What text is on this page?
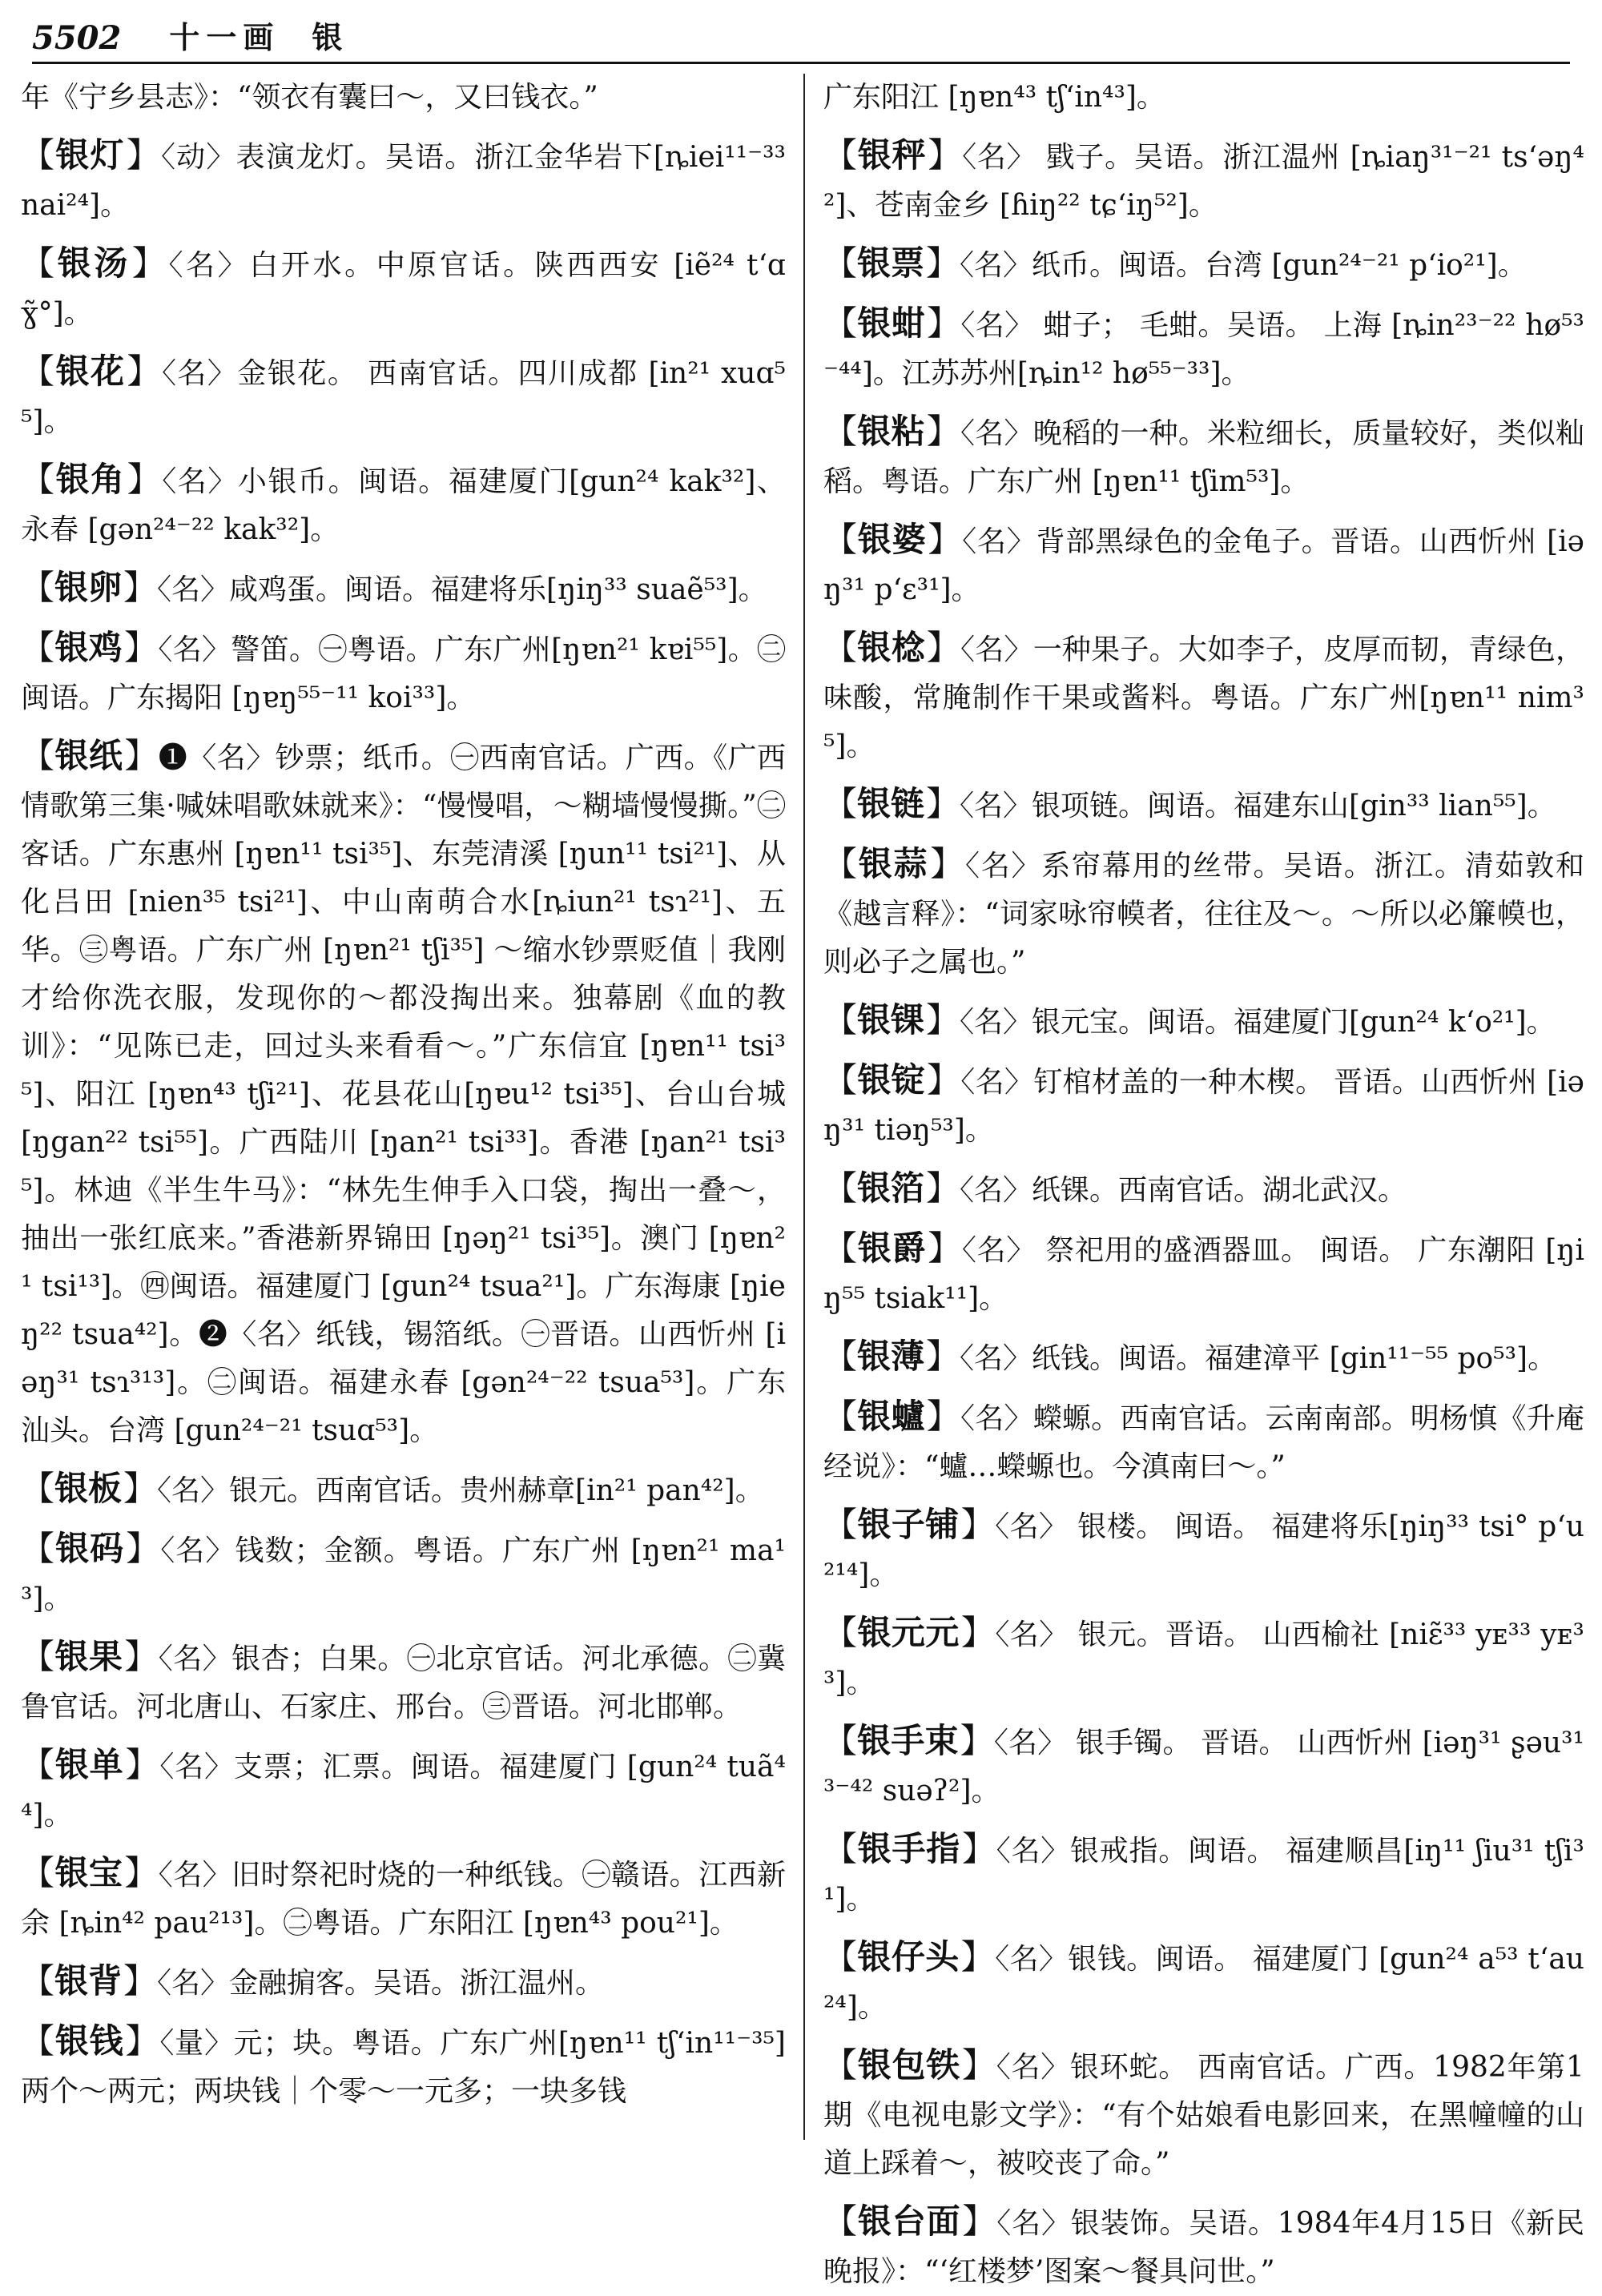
5502 十一画 银
年《宁乡县志》：“领衣有囊曰～，又曰钱衣。”
【银灯】〈动〉表演龙灯。吴语。浙江金华岩下[ȵiei¹¹⁻³³ nai²⁴]。
【银汤】〈名〉白开水。中原官话。陕西西安 [iẽ²⁴ t‘ɑɣ̃°]。
【银花】〈名〉金银花。 西南官话。四川成都 [in²¹ xuɑ⁵⁵]。
【银角】〈名〉小银币。闽语。福建厦门[gun²⁴ kak³²]、永春 [gən²⁴⁻²² kak³²]。
【银卵】〈名〉咸鸡蛋。闽语。福建将乐[ŋiŋ³³ suaẽ⁵³]。
【银鸡】〈名〉警笛。㊀粤语。广东广州[ŋɐn²¹ kɐi⁵⁵]。㊁闽语。广东揭阳 [ŋɐŋ⁵⁵⁻¹¹ koi³³]。
【银纸】❶〈名〉钞票；纸币。㊀西南官话。广西。《广西情歌第三集·喊妹唱歌妹就来》：“慢慢唱，～糊墙慢慢撕。”㊁客话。广东惠州 [ŋɐn¹¹ tsi³⁵]、东莞清溪 [ŋun¹¹ tsi²¹]、从化吕田 [nien³⁵ tsi²¹]、中山南萌合水[ȵiun²¹ tsɿ²¹]、五华。㊂粤语。广东广州 [ŋɐn²¹ tʃi³⁵] ～缩水钞票贬值｜我刚才给你洗衣服，发现你的～都没掏出来。独幕剧《血的教训》：“见陈已走，回过头来看看～。”广东信宜 [ŋɐn¹¹ tsi³⁵]、阳江 [ŋɐn⁴³ tʃi²¹]、花县花山[ŋɐu¹² tsi³⁵]、台山台城 [ŋgan²² tsi⁵⁵]。广西陆川 [ŋan²¹ tsi³³]。香港 [ŋan²¹ tsi³⁵]。林迪《半生牛马》：“林先生伸手入口袋，掏出一叠～，抽出一张红底来。”香港新界锦田 [ŋəŋ²¹ tsi³⁵]。澳门 [ŋɐn²¹ tsi¹³]。㊃闽语。福建厦门 [gun²⁴ tsua²¹]。广东海康 [ŋieŋ²² tsua⁴²]。❷〈名〉纸钱，锡箔纸。㊀晋语。山西忻州 [iəŋ³¹ tsɿ³¹³]。㊁闽语。福建永春 [gən²⁴⁻²² tsua⁵³]。广东汕头。台湾 [gun²⁴⁻²¹ tsuɑ⁵³]。
【银板】〈名〉银元。西南官话。贵州赫章[in²¹ pan⁴²]。
【银码】〈名〉钱数；金额。粤语。广东广州 [ŋɐn²¹ ma¹³]。
【银果】〈名〉银杏；白果。㊀北京官话。河北承德。㊁冀鲁官话。河北唐山、石家庄、邢台。㊂晋语。河北邯郸。
【银单】〈名〉支票；汇票。闽语。福建厦门 [gun²⁴ tuã⁴⁴]。
【银宝】〈名〉旧时祭祀时烧的一种纸钱。㊀赣语。江西新余 [ȵin⁴² pau²¹³]。㊁粤语。广东阳江 [ŋɐn⁴³ pou²¹]。
【银背】〈名〉金融掮客。吴语。浙江温州。
【银钱】〈量〉元；块。粤语。广东广州[ŋɐn¹¹ tʃ‘in¹¹⁻³⁵] 两个～两元；两块钱｜个零～一元多；一块多钱
广东阳江 [ŋɐn⁴³ tʃ‘in⁴³]。
【银秤】〈名〉 戥子。吴语。浙江温州 [ȵiaŋ³¹⁻²¹ ts‘əŋ⁴²]、苍南金乡 [ɦiŋ²² tɕ‘iŋ⁵²]。
【银票】〈名〉纸币。闽语。台湾 [gun²⁴⁻²¹ p‘io²¹]。
【银蚶】〈名〉 蚶子； 毛蚶。吴语。 上海 [ȵin²³⁻²² hø⁵³⁻⁴⁴]。江苏苏州[ȵin¹² hø⁵⁵⁻³³]。
【银粘】〈名〉晚稻的一种。米粒细长，质量较好，类似籼稻。粤语。广东广州 [ŋɐn¹¹ tʃim⁵³]。
【银婆】〈名〉背部黑绿色的金龟子。晋语。山西忻州 [iəŋ³¹ p‘ɛ³¹]。
【银棯】〈名〉一种果子。大如李子，皮厚而韧，青绿色，味酸，常腌制作干果或酱料。粤语。广东广州[ŋɐn¹¹ nim³⁵]。
【银链】〈名〉银项链。闽语。福建东山[gin³³ lian⁵⁵]。
【银蒜】〈名〉系帘幕用的丝带。吴语。浙江。清茹敦和《越言释》：“词家咏帘幙者，往往及～。～所以必簾幙也，则必子之属也。”
【银锞】〈名〉银元宝。闽语。福建厦门[gun²⁴ k‘o²¹]。
【银锭】〈名〉钉棺材盖的一种木楔。 晋语。山西忻州 [iəŋ³¹ tiəŋ⁵³]。
【银箔】〈名〉纸锞。西南官话。湖北武汉。
【银爵】〈名〉 祭祀用的盛酒器皿。 闽语。 广东潮阳 [ŋiŋ⁵⁵ tsiak¹¹]。
【银薄】〈名〉纸钱。闽语。福建漳平 [gin¹¹⁻⁵⁵ po⁵³]。
【银蠦】〈名〉蠑螈。西南官话。云南南部。明杨慎《升庵经说》：“蠦…蠑螈也。今滇南曰～。”
【银子铺】〈名〉 银楼。 闽语。 福建将乐[ŋiŋ³³ tsi° p‘u²¹⁴]。
【银元元】〈名〉 银元。晋语。 山西榆社 [niɛ̃³³ yᴇ³³ yᴇ³³]。
【银手束】〈名〉 银手镯。 晋语。 山西忻州 [iəŋ³¹ ʂəu³¹³⁻⁴² suəʔ²]。
【银手指】〈名〉银戒指。闽语。 福建顺昌[iŋ¹¹ ʃiu³¹ tʃi³¹]。
【银仔头】〈名〉银钱。闽语。 福建厦门 [gun²⁴ a⁵³ t‘au²⁴]。
【银包铁】〈名〉银环蛇。 西南官话。广西。1982年第1期《电视电影文学》：“有个姑娘看电影回来，在黑幢幢的山道上踩着～，被咬丧了命。”
【银台面】〈名〉银装饰。吴语。1984年4月15日《新民晚报》：“‘红楼梦’图案～餐具问世。”
